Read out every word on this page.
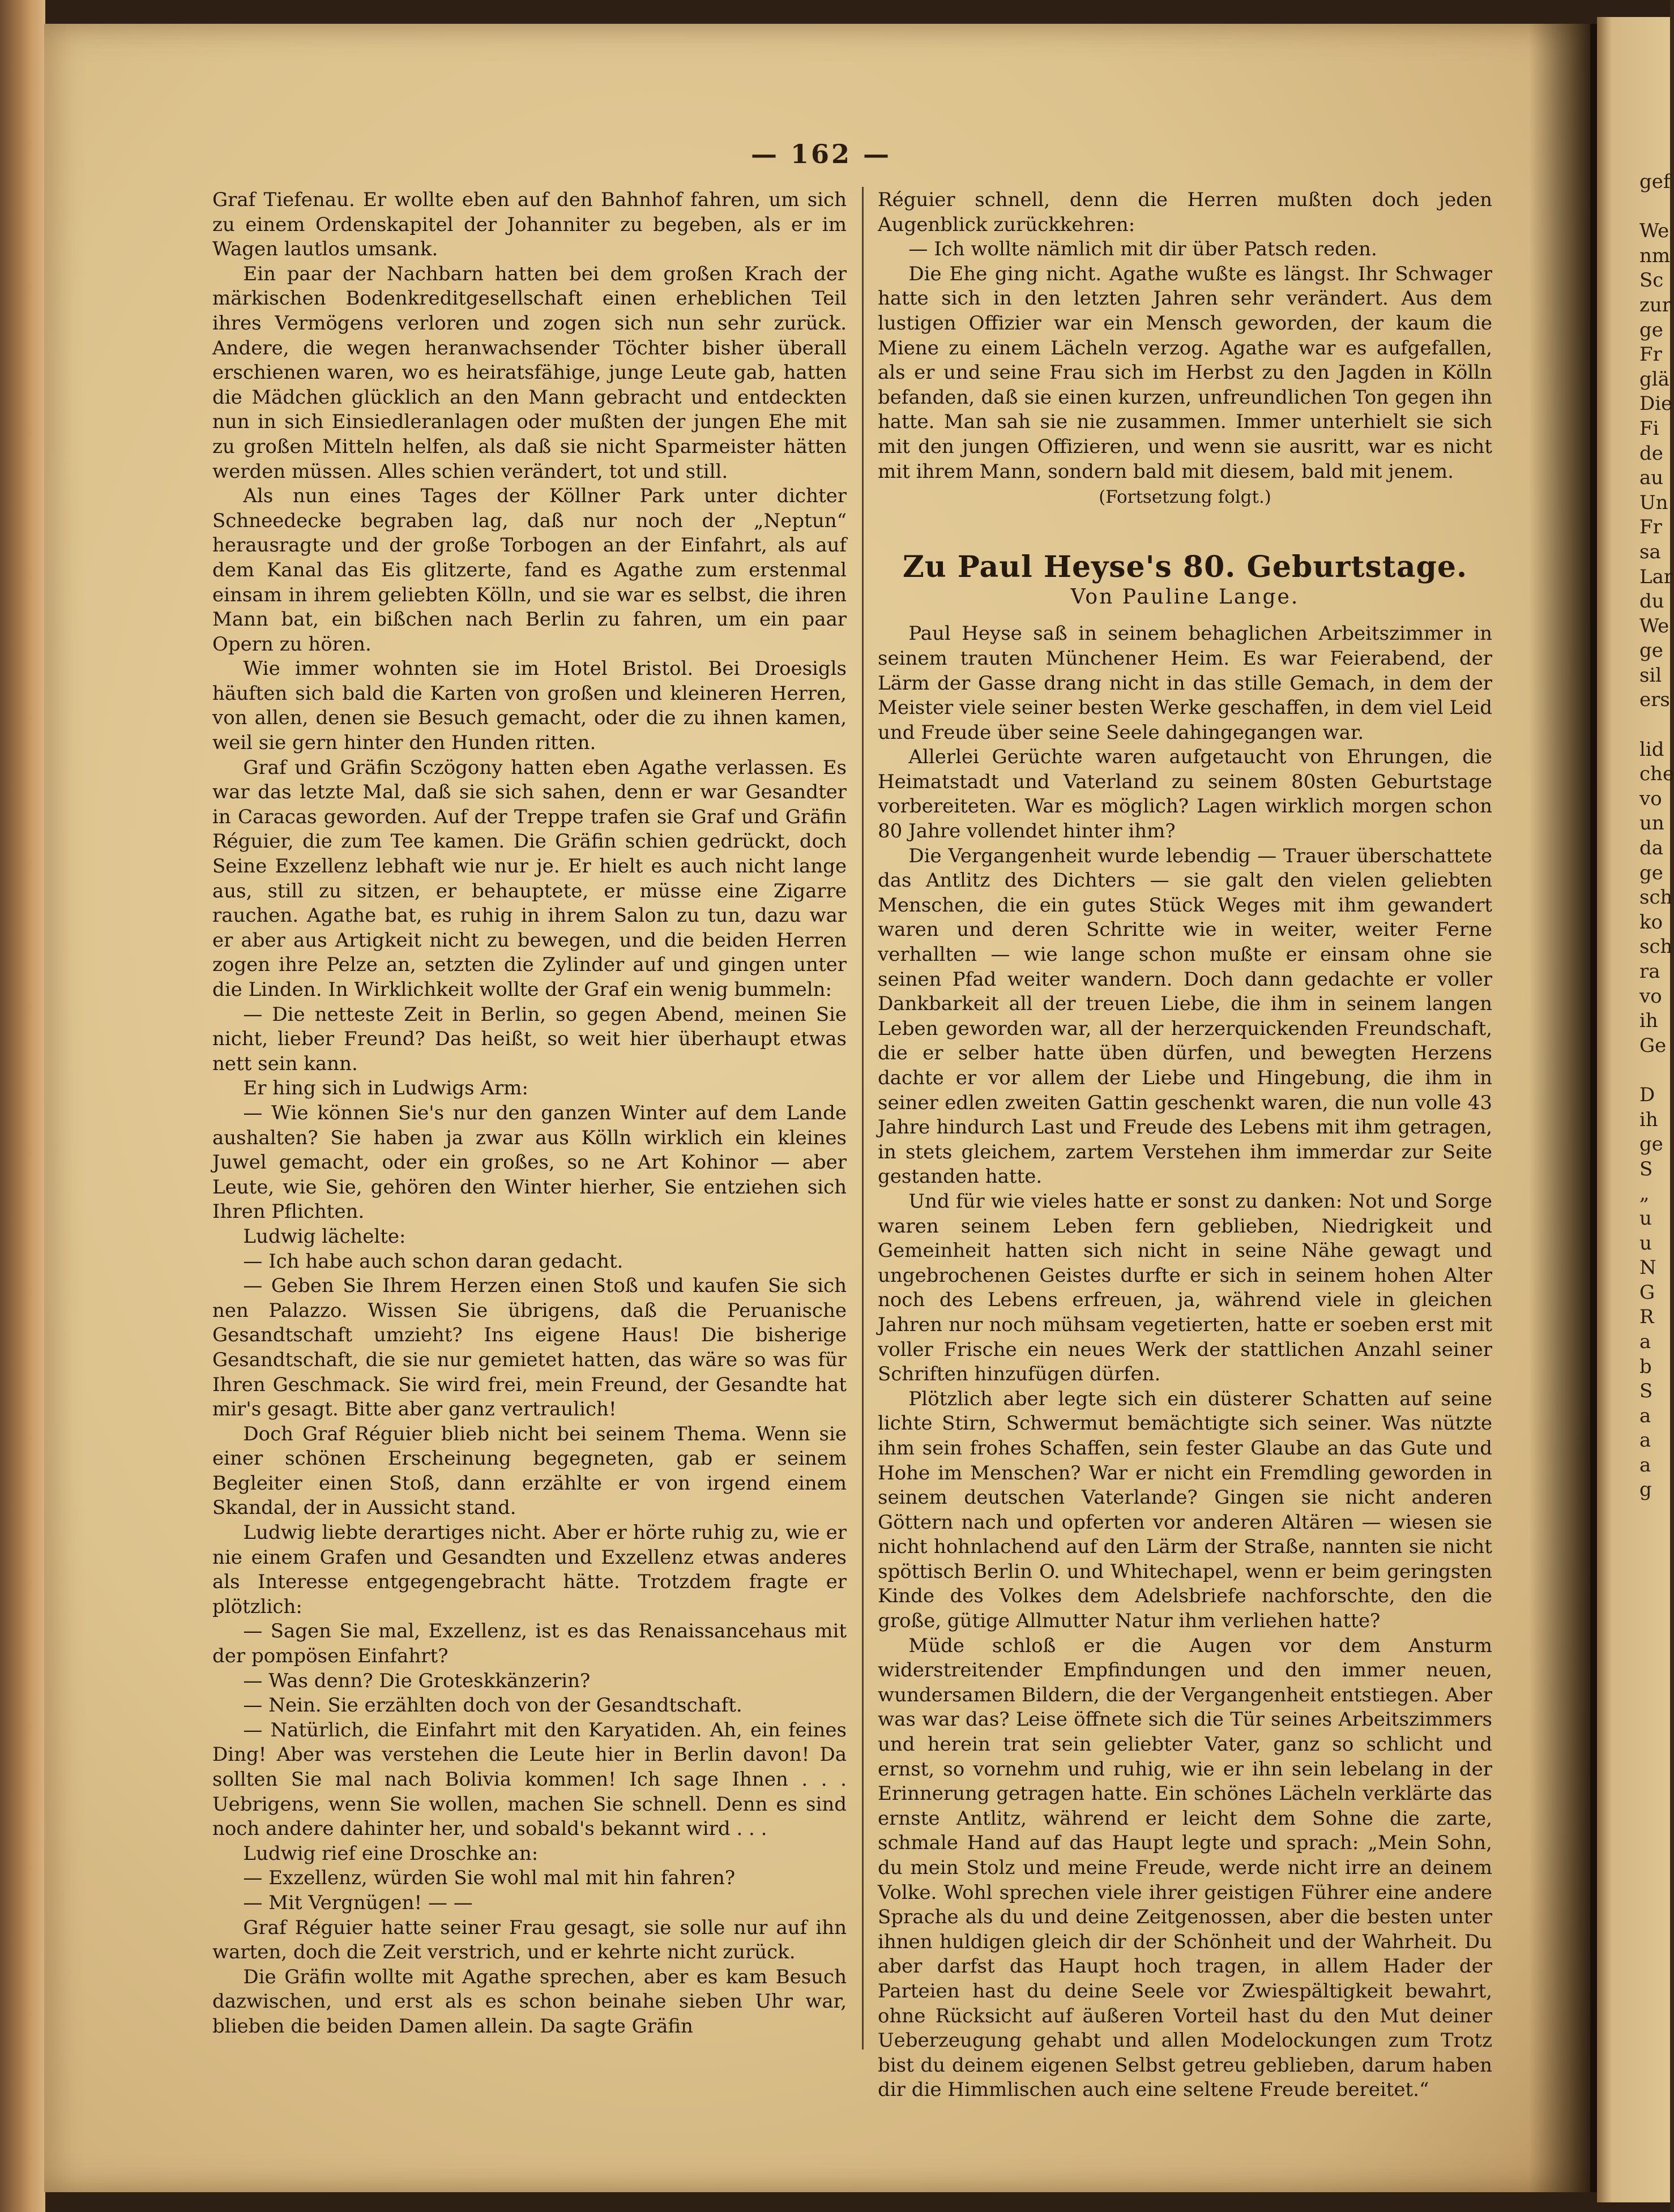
— 162 —

Graf Tiefenau. Er wollte eben auf den Bahnhof fahren, um sich zu einem Ordenskapitel der Johanniter zu begeben, als er im Wagen lautlos umsank.

Ein paar der Nachbarn hatten bei dem großen Krach der märkischen Bodenkreditgesellschaft einen erheblichen Teil ihres Vermögens verloren und zogen sich nun sehr zurück. Andere, die wegen heranwachsender Töchter bisher überall erschienen waren, wo es heiratsfähige, junge Leute gab, hatten die Mädchen glücklich an den Mann gebracht und entdeckten nun in sich Einsiedleranlagen oder mußten der jungen Ehe mit zu großen Mitteln helfen, als daß sie nicht Sparmeister hätten werden müssen. Alles schien verändert, tot und still.

Als nun eines Tages der Köllner Park unter dichter Schneedecke begraben lag, daß nur noch der „Neptun“ herausragte und der große Torbogen an der Einfahrt, als auf dem Kanal das Eis glitzerte, fand es Agathe zum erstenmal einsam in ihrem geliebten Kölln, und sie war es selbst, die ihren Mann bat, ein bißchen nach Berlin zu fahren, um ein paar Opern zu hören.

Wie immer wohnten sie im Hotel Bristol. Bei Droesigls häuften sich bald die Karten von großen und kleineren Herren, von allen, denen sie Besuch gemacht, oder die zu ihnen kamen, weil sie gern hinter den Hunden ritten.

Graf und Gräfin Sczögony hatten eben Agathe verlassen. Es war das letzte Mal, daß sie sich sahen, denn er war Gesandter in Caracas geworden. Auf der Treppe trafen sie Graf und Gräfin Réguier, die zum Tee kamen. Die Gräfin schien gedrückt, doch Seine Exzellenz lebhaft wie nur je. Er hielt es auch nicht lange aus, still zu sitzen, er behauptete, er müsse eine Zigarre rauchen. Agathe bat, es ruhig in ihrem Salon zu tun, dazu war er aber aus Artigkeit nicht zu bewegen, und die beiden Herren zogen ihre Pelze an, setzten die Zylinder auf und gingen unter die Linden. In Wirklichkeit wollte der Graf ein wenig bummeln:

— Die netteste Zeit in Berlin, so gegen Abend, meinen Sie nicht, lieber Freund? Das heißt, so weit hier überhaupt etwas nett sein kann.

Er hing sich in Ludwigs Arm:

— Wie können Sie's nur den ganzen Winter auf dem Lande aushalten? Sie haben ja zwar aus Kölln wirklich ein kleines Juwel gemacht, oder ein großes, so ne Art Kohinor — aber Leute, wie Sie, gehören den Winter hierher, Sie entziehen sich Ihren Pflichten.

Ludwig lächelte:

— Ich habe auch schon daran gedacht.

— Geben Sie Ihrem Herzen einen Stoß und kaufen Sie sich nen Palazzo. Wissen Sie übrigens, daß die Peruanische Gesandtschaft umzieht? Ins eigene Haus! Die bisherige Gesandtschaft, die sie nur gemietet hatten, das wäre so was für Ihren Geschmack. Sie wird frei, mein Freund, der Gesandte hat mir's gesagt. Bitte aber ganz vertraulich!

Doch Graf Réguier blieb nicht bei seinem Thema. Wenn sie einer schönen Erscheinung begegneten, gab er seinem Begleiter einen Stoß, dann erzählte er von irgend einem Skandal, der in Aussicht stand.

Ludwig liebte derartiges nicht. Aber er hörte ruhig zu, wie er nie einem Grafen und Gesandten und Exzellenz etwas anderes als Interesse entgegengebracht hätte. Trotzdem fragte er plötzlich:

— Sagen Sie mal, Exzellenz, ist es das Renaissancehaus mit der pompösen Einfahrt?

— Was denn? Die Groteskkänzerin?

— Nein. Sie erzählten doch von der Gesandtschaft.

— Natürlich, die Einfahrt mit den Karyatiden. Ah, ein feines Ding! Aber was verstehen die Leute hier in Berlin davon! Da sollten Sie mal nach Bolivia kommen! Ich sage Ihnen . . . Uebrigens, wenn Sie wollen, machen Sie schnell. Denn es sind noch andere dahinter her, und sobald's bekannt wird . . .

Ludwig rief eine Droschke an:

— Exzellenz, würden Sie wohl mal mit hin fahren?

— Mit Vergnügen! — —

Graf Réguier hatte seiner Frau gesagt, sie solle nur auf ihn warten, doch die Zeit verstrich, und er kehrte nicht zurück.

Die Gräfin wollte mit Agathe sprechen, aber es kam Besuch dazwischen, und erst als es schon beinahe sieben Uhr war, blieben die beiden Damen allein. Da sagte Gräfin

Réguier schnell, denn die Herren mußten doch jeden Augenblick zurückkehren:

— Ich wollte nämlich mit dir über Patsch reden.

Die Ehe ging nicht. Agathe wußte es längst. Ihr Schwager hatte sich in den letzten Jahren sehr verändert. Aus dem lustigen Offizier war ein Mensch geworden, der kaum die Miene zu einem Lächeln verzog. Agathe war es aufgefallen, als er und seine Frau sich im Herbst zu den Jagden in Kölln befanden, daß sie einen kurzen, unfreundlichen Ton gegen ihn hatte. Man sah sie nie zusammen. Immer unterhielt sie sich mit den jungen Offizieren, und wenn sie ausritt, war es nicht mit ihrem Mann, sondern bald mit diesem, bald mit jenem.

(Fortsetzung folgt.)

Zu Paul Heyse's 80. Geburtstage.

Von Pauline Lange.

Paul Heyse saß in seinem behaglichen Arbeitszimmer in seinem trauten Münchener Heim. Es war Feierabend, der Lärm der Gasse drang nicht in das stille Gemach, in dem der Meister viele seiner besten Werke geschaffen, in dem viel Leid und Freude über seine Seele dahingegangen war.

Allerlei Gerüchte waren aufgetaucht von Ehrungen, die Heimatstadt und Vaterland zu seinem 80sten Geburtstage vorbereiteten. War es möglich? Lagen wirklich morgen schon 80 Jahre vollendet hinter ihm?

Die Vergangenheit wurde lebendig — Trauer überschattete das Antlitz des Dichters — sie galt den vielen geliebten Menschen, die ein gutes Stück Weges mit ihm gewandert waren und deren Schritte wie in weiter, weiter Ferne verhallten — wie lange schon mußte er einsam ohne sie seinen Pfad weiter wandern. Doch dann gedachte er voller Dankbarkeit all der treuen Liebe, die ihm in seinem langen Leben geworden war, all der herzerquickenden Freundschaft, die er selber hatte üben dürfen, und bewegten Herzens dachte er vor allem der Liebe und Hingebung, die ihm in seiner edlen zweiten Gattin geschenkt waren, die nun volle 43 Jahre hindurch Last und Freude des Lebens mit ihm getragen, in stets gleichem, zartem Verstehen ihm immerdar zur Seite gestanden hatte.

Und für wie vieles hatte er sonst zu danken: Not und Sorge waren seinem Leben fern geblieben, Niedrigkeit und Gemeinheit hatten sich nicht in seine Nähe gewagt und ungebrochenen Geistes durfte er sich in seinem hohen Alter noch des Lebens erfreuen, ja, während viele in gleichen Jahren nur noch mühsam vegetierten, hatte er soeben erst mit voller Frische ein neues Werk der stattlichen Anzahl seiner Schriften hinzufügen dürfen.

Plötzlich aber legte sich ein düsterer Schatten auf seine lichte Stirn, Schwermut bemächtigte sich seiner. Was nützte ihm sein frohes Schaffen, sein fester Glaube an das Gute und Hohe im Menschen? War er nicht ein Fremdling geworden in seinem deutschen Vaterlande? Gingen sie nicht anderen Göttern nach und opferten vor anderen Altären — wiesen sie nicht hohnlachend auf den Lärm der Straße, nannten sie nicht spöttisch Berlin O. und Whitechapel, wenn er beim geringsten Kinde des Volkes dem Adelsbriefe nachforschte, den die große, gütige Allmutter Natur ihm verliehen hatte?

Müde schloß er die Augen vor dem Ansturm widerstreitender Empfindungen und den immer neuen, wundersamen Bildern, die der Vergangenheit entstiegen. Aber was war das? Leise öffnete sich die Tür seines Arbeitszimmers und herein trat sein geliebter Vater, ganz so schlicht und ernst, so vornehm und ruhig, wie er ihn sein lebelang in der Erinnerung getragen hatte. Ein schönes Lächeln verklärte das ernste Antlitz, während er leicht dem Sohne die zarte, schmale Hand auf das Haupt legte und sprach: „Mein Sohn, du mein Stolz und meine Freude, werde nicht irre an deinem Volke. Wohl sprechen viele ihrer geistigen Führer eine andere Sprache als du und deine Zeitgenossen, aber die besten unter ihnen huldigen gleich dir der Schönheit und der Wahrheit. Du aber darfst das Haupt hoch tragen, in allem Hader der Parteien hast du deine Seele vor Zwiespältigkeit bewahrt, ohne Rücksicht auf äußeren Vorteil hast du den Mut deiner Ueberzeugung gehabt und allen Modelockungen zum Trotz bist du deinem eigenen Selbst getreu geblieben, darum haben dir die Himmlischen auch eine seltene Freude bereitet.“

gef
We
nm
Sc
zur
ge
Fr
glä
Die
Fi
de
au
Un
Fr
sa
Lar
du
We
ge
sil
ers
lid
che
vo
un
da
ge
sch
ko
sch
ra
vo
ih
Ge
D
ih
ge
S
„
u
u
N
G
R
a
b
S
a
a
a
g
